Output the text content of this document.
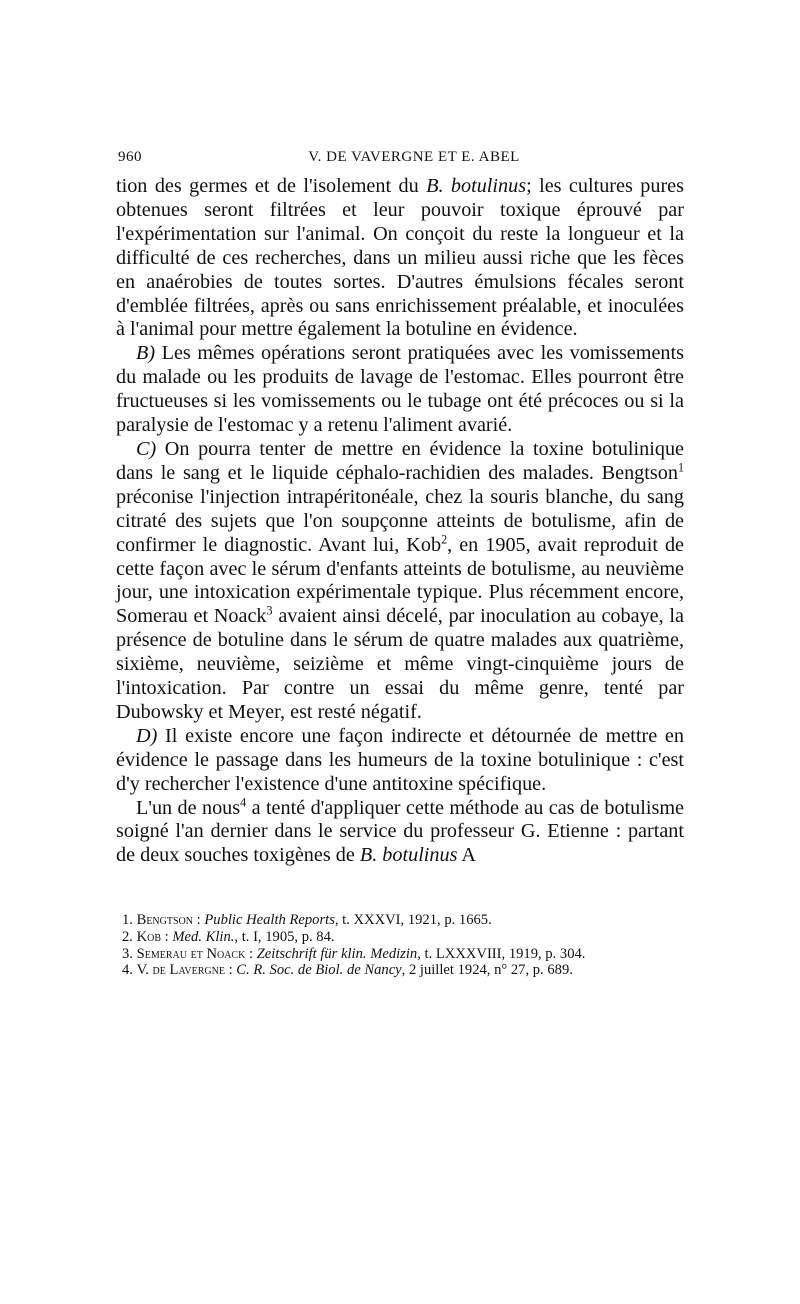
960	V. DE VAVERGNE ET E. ABEL

tion des germes et de l'isolement du B. botulinus; les cultures pures obtenues seront filtrées et leur pouvoir toxique éprouvé par l'expérimentation sur l'animal. On conçoit du reste la longueur et la difficulté de ces recherches, dans un milieu aussi riche que les fèces en anaérobies de toutes sortes. D'autres émulsions fécales seront d'emblée filtrées, après ou sans enrichissement préalable, et inoculées à l'animal pour mettre également la botuline en évidence.

B) Les mêmes opérations seront pratiquées avec les vomissements du malade ou les produits de lavage de l'estomac. Elles pourront être fructueuses si les vomissements ou le tubage ont été précoces ou si la paralysie de l'estomac y a retenu l'aliment avarié.

C) On pourra tenter de mettre en évidence la toxine botulinique dans le sang et le liquide céphalo-rachidien des malades. Bengtson$^1$ préconise l'injection intrapéritonéale, chez la souris blanche, du sang citraté des sujets que l'on soupçonne atteints de botulisme, afin de confirmer le diagnostic. Avant lui, Kob$^2$, en 1905, avait reproduit de cette façon avec le sérum d'enfants atteints de botulisme, au neuvième jour, une intoxication expérimentale typique. Plus récemment encore, Somerau et Noack$^3$ avaient ainsi décelé, par inoculation au cobaye, la présence de botuline dans le sérum de quatre malades aux quatrième, sixième, neuvième, seizième et même vingt-cinquième jours de l'intoxication. Par contre un essai du même genre, tenté par Dubowsky et Meyer, est resté négatif.

D) Il existe encore une façon indirecte et détournée de mettre en évidence le passage dans les humeurs de la toxine botulinique : c'est d'y rechercher l'existence d'une antitoxine spécifique.

L'un de nous$^4$ a tenté d'appliquer cette méthode au cas de botulisme soigné l'an dernier dans le service du professeur G. Etienne : partant de deux souches toxigènes de B. botulinus A

1. Bengtson : Public Health Reports, t. XXXVI, 1921, p. 1665.

2. Kob : Med. Klin., t. I, 1905, p. 84.

3. Semerau et Noack : Zeitschrift für klin. Medizin, t. LXXXVIII, 1919, p. 304.

4. V. de Lavergne : C. R. Soc. de Biol. de Nancy, 2 juillet 1924, n° 27, p. 689.
